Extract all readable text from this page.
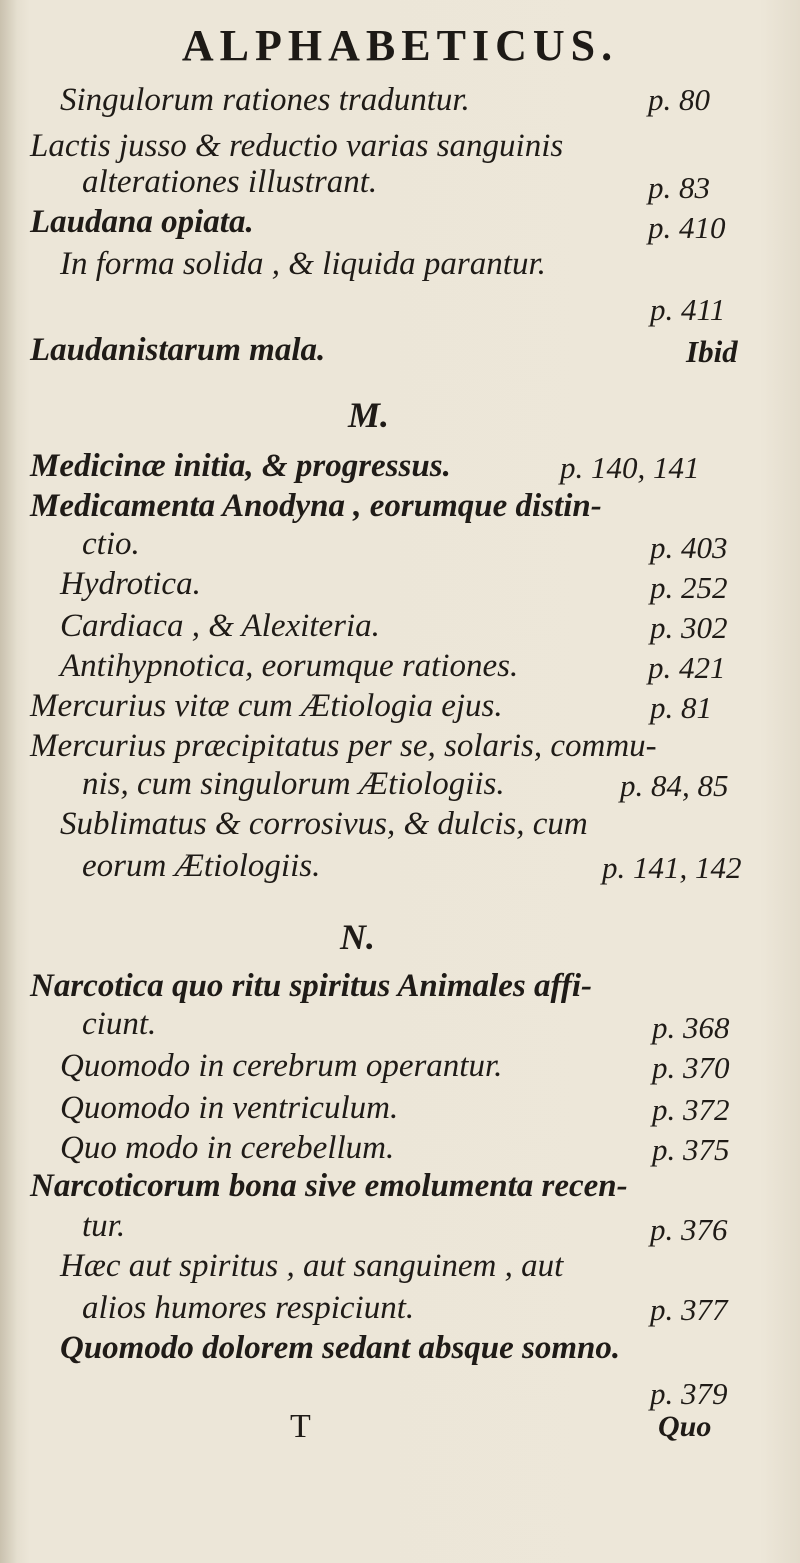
ALPHABETICUS.
Singulorum rationes traduntur.	p. 80
Lactis jusso & reductio varias sanguinis
alterationes illustrant.	p. 83
Laudana opiata.	p. 410
In forma solida , & liquida parantur.
p. 411
Laudanistarum mala.	Ibid
M.
Medicinæ initia, & progressus.	p. 140, 141
Medicamenta Anodyna , eorumque distin-
ctio.	p. 403
Hydrotica.	p. 252
Cardiaca , & Alexiteria.	p. 302
Antihypnotica, eorumque rationes.	p. 421
Mercurius vitæ cum Ætiologia ejus.	p. 81
Mercurius præcipitatus per se, solaris, commu-
nis, cum singulorum Ætiologiis.	p. 84, 85
Sublimatus & corrosivus, & dulcis, cum
eorum Ætiologiis.	p. 141, 142
N.
Narcotica quo ritu spiritus Animales affi-
ciunt.	p. 368
Quomodo in cerebrum operantur.	p. 370
Quomodo in ventriculum.	p. 372
Quo modo in cerebellum.	p. 375
Narcoticorum bona sive emolumenta recen-
tur.	p. 376
Hæc aut spiritus , aut sanguinem , aut
alios humores respiciunt.	p. 377
Quomodo dolorem sedant absque somno.
p. 379
T	Quo
